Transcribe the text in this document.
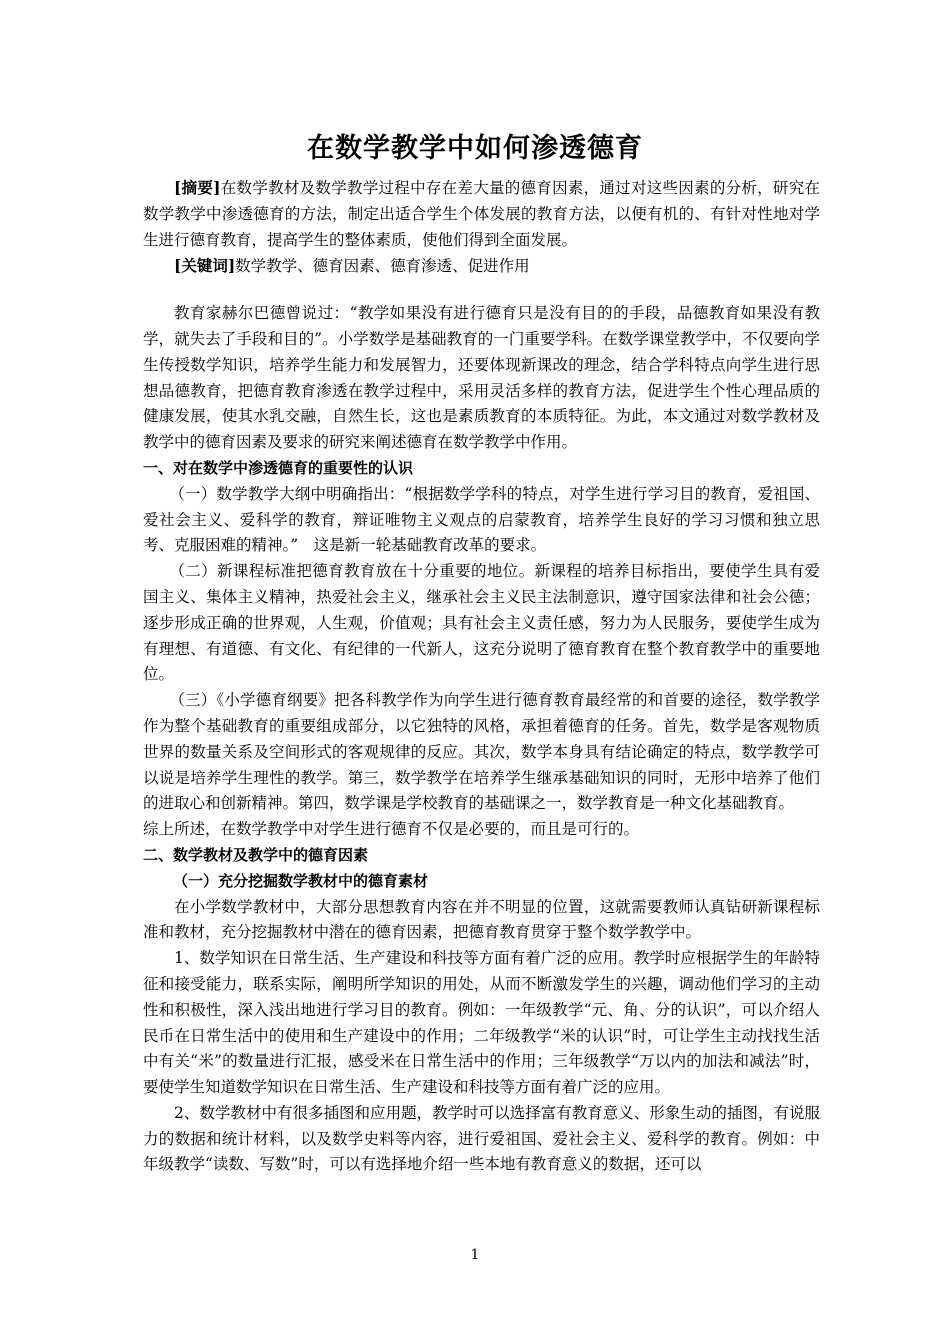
在数学教学中如何渗透德育

[摘要]在数学教材及数学教学过程中存在差大量的德育因素，通过对这些因素的分析，研究在数学教学中渗透德育的方法，制定出适合学生个体发展的教育方法，以便有机的、有针对性地对学生进行德育教育，提高学生的整体素质，使他们得到全面发展。

[关键词]数学教学、德育因素、德育渗透、促进作用

教育家赫尔巴德曾说过：“教学如果没有进行德育只是没有目的的手段，品德教育如果没有教学，就失去了手段和目的”。小学数学是基础教育的一门重要学科。在数学课堂教学中，不仅要向学生传授数学知识，培养学生能力和发展智力，还要体现新课改的理念，结合学科特点向学生进行思想品德教育，把德育教育渗透在教学过程中，采用灵活多样的教育方法，促进学生个性心理品质的健康发展，使其水乳交融，自然生长，这也是素质教育的本质特征。为此，本文通过对数学教材及教学中的德育因素及要求的研究来阐述德育在数学教学中作用。

一、对在数学中渗透德育的重要性的认识

（一）数学教学大纲中明确指出：“根据数学学科的特点，对学生进行学习目的教育，爱祖国、爱社会主义、爱科学的教育，辩证唯物主义观点的启蒙教育，培养学生良好的学习习惯和独立思考、克服困难的精神。”　这是新一轮基础教育改革的要求。

（二）新课程标准把德育教育放在十分重要的地位。新课程的培养目标指出，要使学生具有爱国主义、集体主义精神，热爱社会主义，继承社会主义民主法制意识，遵守国家法律和社会公德；逐步形成正确的世界观，人生观，价值观；具有社会主义责任感，努力为人民服务，要使学生成为有理想、有道德、有文化、有纪律的一代新人，这充分说明了德育教育在整个教育教学中的重要地位。

（三）《小学德育纲要》把各科教学作为向学生进行德育教育最经常的和首要的途径，数学教学作为整个基础教育的重要组成部分，以它独特的风格，承担着德育的任务。首先，数学是客观物质世界的数量关系及空间形式的客观规律的反应。其次，数学本身具有结论确定的特点，数学教学可以说是培养学生理性的教学。第三，数学教学在培养学生继承基础知识的同时，无形中培养了他们的进取心和创新精神。第四，数学课是学校教育的基础课之一，数学教育是一种文化基础教育。

综上所述，在数学教学中对学生进行德育不仅是必要的，而且是可行的。

二、数学教材及教学中的德育因素

（一）充分挖掘数学教材中的德育素材

在小学数学教材中，大部分思想教育内容在并不明显的位置，这就需要教师认真钻研新课程标准和教材，充分挖掘教材中潜在的德育因素，把德育教育贯穿于整个数学教学中。

1、数学知识在日常生活、生产建设和科技等方面有着广泛的应用。教学时应根据学生的年龄特征和接受能力，联系实际，阐明所学知识的用处，从而不断激发学生的兴趣，调动他们学习的主动性和积极性，深入浅出地进行学习目的教育。例如：一年级教学“元、角、分的认识”，可以介绍人民币在日常生活中的使用和生产建设中的作用；二年级教学“米的认识”时，可让学生主动找找生活中有关“米”的数量进行汇报，感受米在日常生活中的作用；三年级教学“万以内的加法和减法”时，要使学生知道数学知识在日常生活、生产建设和科技等方面有着广泛的应用。

2、数学教材中有很多插图和应用题，教学时可以选择富有教育意义、形象生动的插图，有说服力的数据和统计材料，以及数学史料等内容，进行爱祖国、爱社会主义、爱科学的教育。例如：中年级教学“读数、写数”时，可以有选择地介绍一些本地有教育意义的数据，还可以

1
